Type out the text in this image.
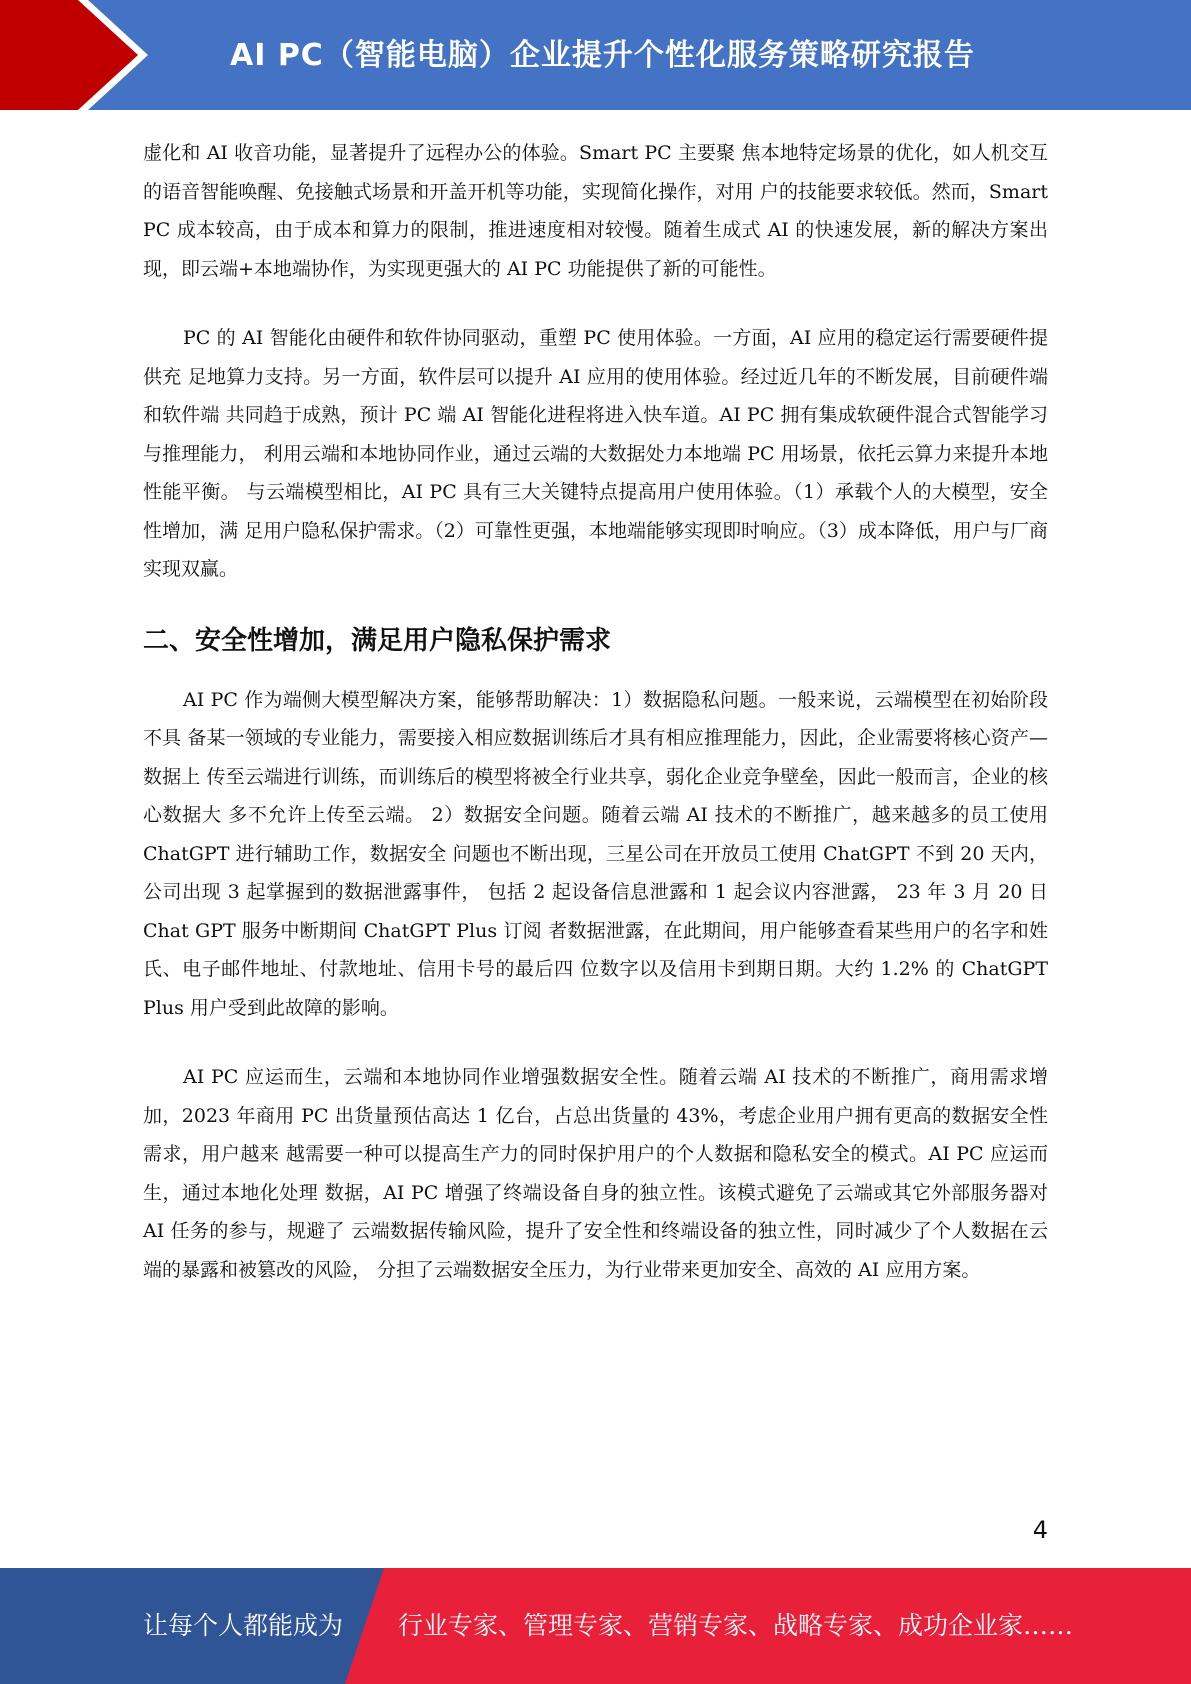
AI PC（智能电脑）企业提升个性化服务策略研究报告

虚化和 AI 收音功能，显著提升了远程办公的体验。Smart PC 主要聚 焦本地特定场景的优化，如人机交互的语音智能唤醒、免接触式场景和开盖开机等功能，实现简化操作，对用 户的技能要求较低。然而，Smart PC 成本较高，由于成本和算力的限制，推进速度相对较慢。随着生成式 AI 的快速发展，新的解决方案出现，即云端+本地端协作，为实现更强大的 AI PC 功能提供了新的可能性。

PC 的 AI 智能化由硬件和软件协同驱动，重塑 PC 使用体验。一方面，AI 应用的稳定运行需要硬件提供充 足地算力支持。另一方面，软件层可以提升 AI 应用的使用体验。经过近几年的不断发展，目前硬件端和软件端 共同趋于成熟，预计 PC 端 AI 智能化进程将进入快车道。AI PC 拥有集成软硬件混合式智能学习与推理能力， 利用云端和本地协同作业，通过云端的大数据处力本地端 PC 用场景，依托云算力来提升本地性能平衡。 与云端模型相比，AI PC 具有三大关键特点提高用户使用体验。（1）承载个人的大模型，安全性增加，满 足用户隐私保护需求。（2）可靠性更强，本地端能够实现即时响应。（3）成本降低，用户与厂商实现双赢。

二、安全性增加，满足用户隐私保护需求

AI PC 作为端侧大模型解决方案，能够帮助解决：1）数据隐私问题。一般来说，云端模型在初始阶段不具 备某一领域的专业能力，需要接入相应数据训练后才具有相应推理能力，因此，企业需要将核心资产—数据上 传至云端进行训练，而训练后的模型将被全行业共享，弱化企业竞争壁垒，因此一般而言，企业的核心数据大 多不允许上传至云端。 2）数据安全问题。随着云端 AI 技术的不断推广，越来越多的员工使用 ChatGPT 进行辅助工作，数据安全 问题也不断出现，三星公司在开放员工使用 ChatGPT 不到 20 天内，公司出现 3 起掌握到的数据泄露事件， 包括 2 起设备信息泄露和 1 起会议内容泄露， 23 年 3 月 20 日 Chat GPT 服务中断期间 ChatGPT Plus 订阅 者数据泄露，在此期间，用户能够查看某些用户的名字和姓氏、电子邮件地址、付款地址、信用卡号的最后四 位数字以及信用卡到期日期。大约 1.2% 的 ChatGPT Plus 用户受到此故障的影响。

AI PC 应运而生，云端和本地协同作业增强数据安全性。随着云端 AI 技术的不断推广，商用需求增加，2023 年商用 PC 出货量预估高达 1 亿台，占总出货量的 43%，考虑企业用户拥有更高的数据安全性需求，用户越来 越需要一种可以提高生产力的同时保护用户的个人数据和隐私安全的模式。AI PC 应运而生，通过本地化处理 数据，AI PC 增强了终端设备自身的独立性。该模式避免了云端或其它外部服务器对 AI 任务的参与，规避了 云端数据传输风险，提升了安全性和终端设备的独立性，同时减少了个人数据在云端的暴露和被篡改的风险， 分担了云端数据安全压力，为行业带来更加安全、高效的 AI 应用方案。

4
让每个人都能成为 行业专家、管理专家、营销专家、战略专家、成功企业家……
